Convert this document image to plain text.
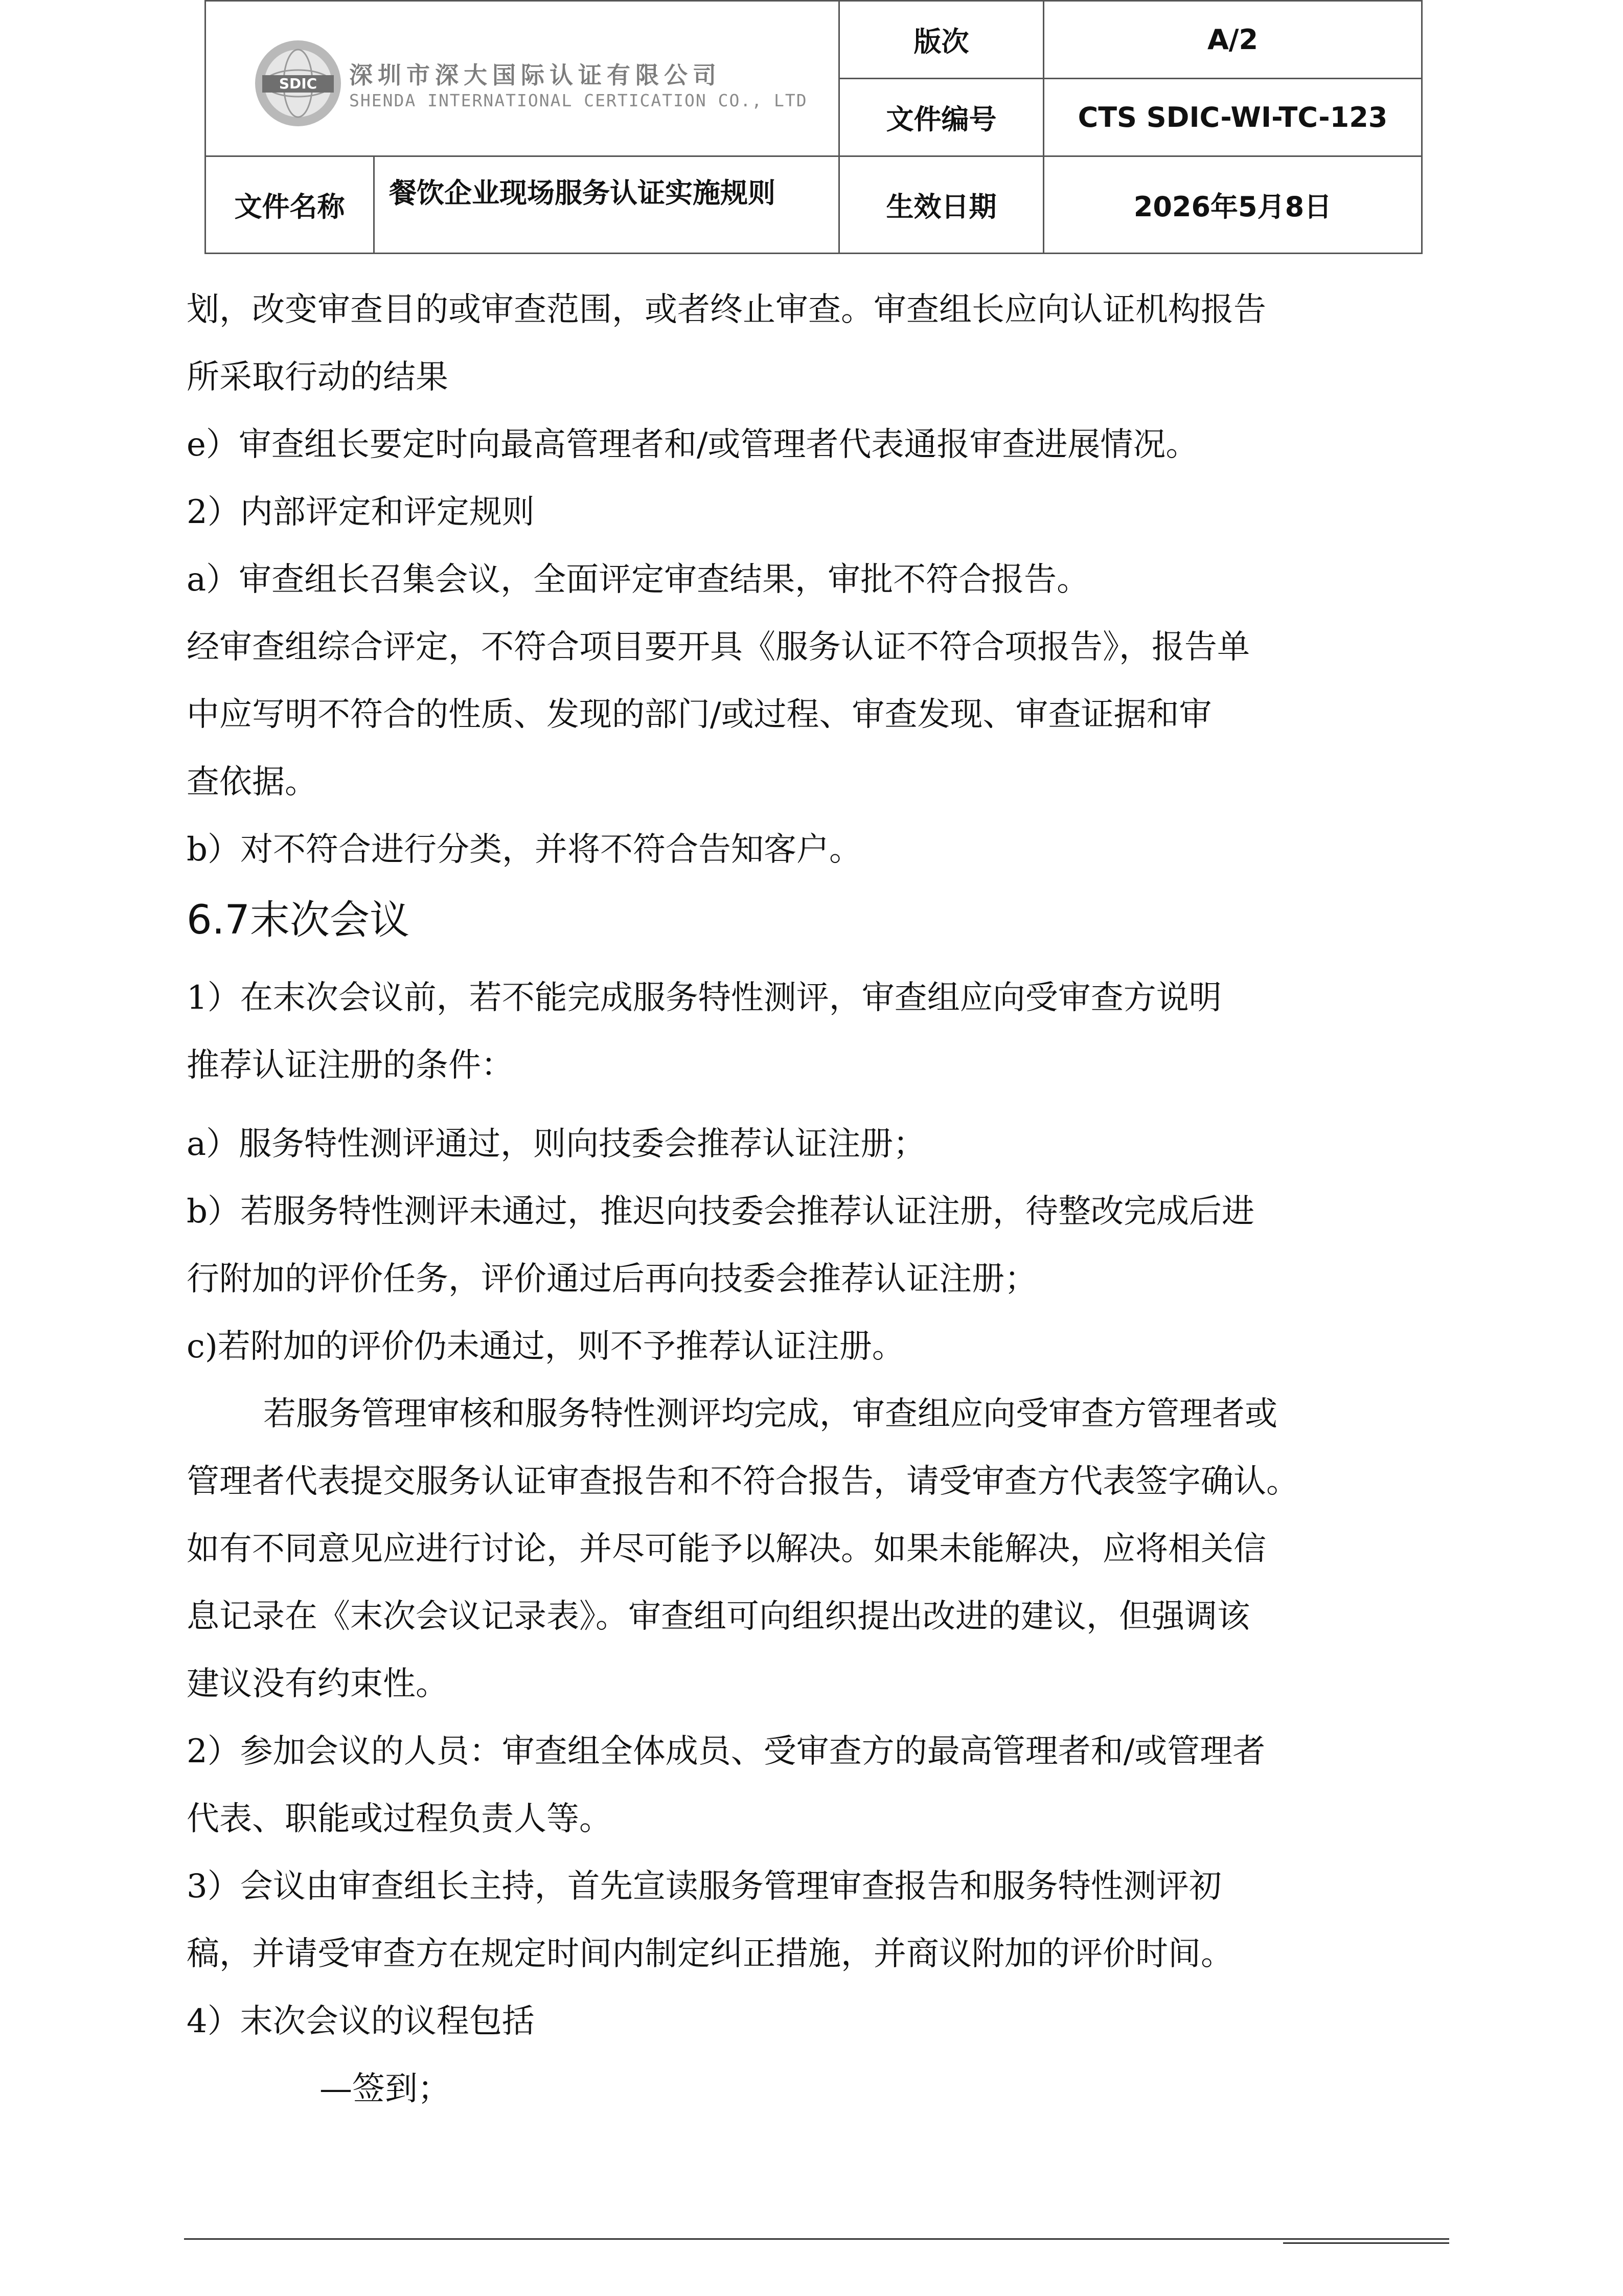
SDIC 深圳市深大国际认证有限公司
SHENDA INTERNATIONAL CERTICATION CO., LTD		版次	A/2
		文件编号	CTS SDIC-WI-TC-123
文件名称	餐饮企业现场服务认证实施规则	生效日期	2026年5月8日

划，改变审查目的或审查范围，或者终止审查。审查组长应向认证机构报告

所采取行动的结果

e）审查组长要定时向最高管理者和/或管理者代表通报审查进展情况。

2）内部评定和评定规则

a）审查组长召集会议，全面评定审查结果，审批不符合报告。

经审查组综合评定，不符合项目要开具《服务认证不符合项报告》，报告单

中应写明不符合的性质、发现的部门/或过程、审查发现、审查证据和审

查依据。

b）对不符合进行分类，并将不符合告知客户。

6.7末次会议

1）在末次会议前，若不能完成服务特性测评，审查组应向受审查方说明

推荐认证注册的条件：

a）服务特性测评通过，则向技委会推荐认证注册；

b）若服务特性测评未通过，推迟向技委会推荐认证注册，待整改完成后进

行附加的评价任务，评价通过后再向技委会推荐认证注册；

c)若附加的评价仍未通过，则不予推荐认证注册。

若服务管理审核和服务特性测评均完成，审查组应向受审查方管理者或

管理者代表提交服务认证审查报告和不符合报告，请受审查方代表签字确认。

如有不同意见应进行讨论，并尽可能予以解决。如果未能解决，应将相关信

息记录在《末次会议记录表》。审查组可向组织提出改进的建议，但强调该

建议没有约束性。

2）参加会议的人员：审查组全体成员、受审查方的最高管理者和/或管理者

代表、职能或过程负责人等。

3）会议由审查组长主持，首先宣读服务管理审查报告和服务特性测评初

稿，并请受审查方在规定时间内制定纠正措施，并商议附加的评价时间。

4）末次会议的议程包括

—签到；
